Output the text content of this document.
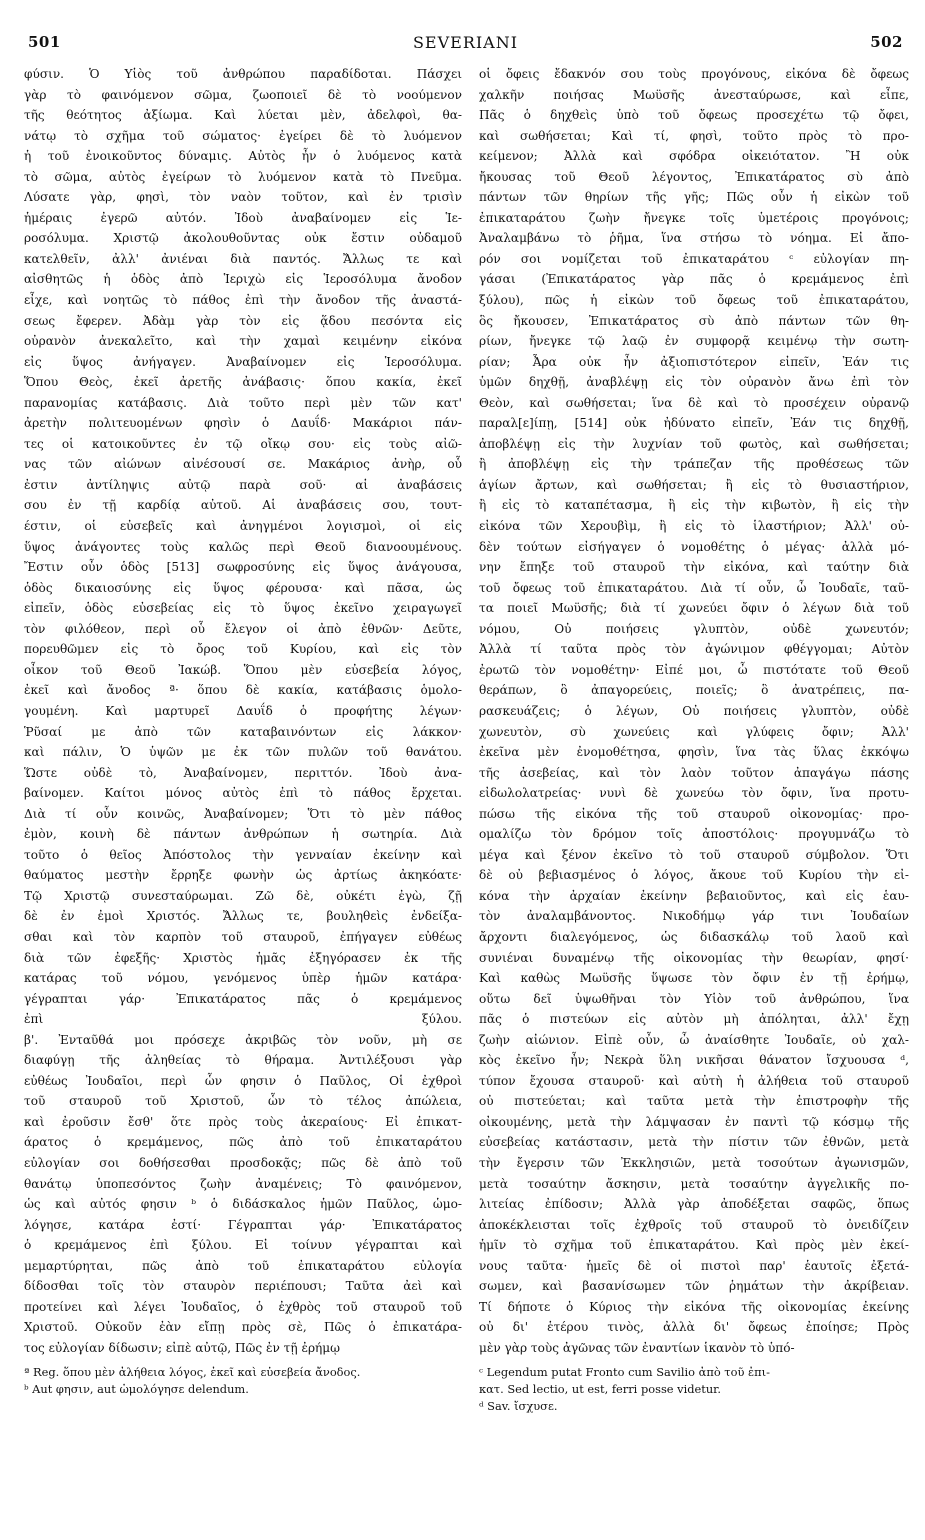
501	SEVERIANI	502

φύσιν. Ὁ Υἱὸς τοῦ ἀνθρώπου παραδίδοται. Πάσχει

γὰρ τὸ φαινόμενον σῶμα, ζωοποιεῖ δὲ τὸ νοούμενον

τῆς θεότητος ἀξίωμα. Καὶ λύεται μὲν, ἀδελφοὶ, θα-

νάτῳ τὸ σχῆμα τοῦ σώματος· ἐγείρει δὲ τὸ λυόμενον

ἡ τοῦ ἐνοικοῦντος δύναμις. Αὐτὸς ἦν ὁ λυόμενος κατὰ

τὸ σῶμα, αὐτὸς ἐγείρων τὸ λυόμενον κατὰ τὸ Πνεῦμα.

Λύσατε γὰρ, φησὶ, τὸν ναὸν τοῦτον, καὶ ἐν τρισὶν

ἡμέραις ἐγερῶ αὐτόν. Ἰδοὺ ἀναβαίνομεν εἰς Ἱε-

ροσόλυμα. Χριστῷ ἀκολουθοῦντας οὐκ ἔστιν οὐδαμοῦ

κατελθεῖν, ἀλλ' ἀνιέναι διὰ παντός. Ἄλλως τε καὶ

αἰσθητῶς ἡ ὁδὸς ἀπὸ Ἱεριχὼ εἰς Ἱεροσόλυμα ἄνοδον

εἶχε, καὶ νοητῶς τὸ πάθος ἐπὶ τὴν ἄνοδον τῆς ἀναστά-

σεως ἔφερεν. Ἀδὰμ γὰρ τὸν εἰς ᾅδου πεσόντα εἰς

οὐρανὸν ἀνεκαλεῖτο, καὶ τὴν χαμαὶ κειμένην εἰκόνα

εἰς ὕψος ἀνήγαγεν. Ἀναβαίνομεν εἰς Ἱεροσόλυμα.

Ὅπου Θεὸς, ἐκεῖ ἀρετῆς ἀνάβασις· ὅπου κακία, ἐκεῖ

παρανομίας κατάβασις. Διὰ τοῦτο περὶ μὲν τῶν κατ'

ἀρετὴν πολιτευομένων φησὶν ὁ Δαυΐδ· Μακάριοι πάν-

τες οἱ κατοικοῦντες ἐν τῷ οἴκῳ σου· εἰς τοὺς αἰῶ-

νας τῶν αἰώνων αἰνέσουσί σε. Μακάριος ἀνὴρ, οὗ

ἐστιν ἀντίληψις αὐτῷ παρὰ σοῦ· αἱ ἀναβάσεις

σου ἐν τῇ καρδίᾳ αὐτοῦ. Αἱ ἀναβάσεις σου, τουτ-

έστιν, οἱ εὐσεβεῖς καὶ ἀνηγμένοι λογισμοὶ, οἱ εἰς

ὕψος ἀνάγοντες τοὺς καλῶς περὶ Θεοῦ διανοουμένους.

Ἔστιν οὖν ὁδὸς [513] σωφροσύνης εἰς ὕψος ἀνάγουσα,

ὁδὸς δικαιοσύνης εἰς ὕψος φέρουσα· καὶ πᾶσα, ὡς

εἰπεῖν, ὁδὸς εὐσεβείας εἰς τὸ ὕψος ἐκεῖνο χειραγωγεῖ

τὸν φιλόθεον, περὶ οὗ ἔλεγον οἱ ἀπὸ ἐθνῶν· Δεῦτε,

πορευθῶμεν εἰς τὸ ὄρος τοῦ Κυρίου, καὶ εἰς τὸν

οἶκον τοῦ Θεοῦ Ἰακώβ. Ὅπου μὲν εὐσεβεία λόγος,

ἐκεῖ καὶ ἄνοδος ª· ὅπου δὲ κακία, κατάβασις ὁμολο-

γουμένη. Καὶ μαρτυρεῖ Δαυΐδ ὁ προφήτης λέγων·

Ῥῦσαί με ἀπὸ τῶν καταβαινόντων εἰς λάκκον·

καὶ πάλιν, Ὁ ὑψῶν με ἐκ τῶν πυλῶν τοῦ θανάτου.

Ὥστε οὐδὲ τὸ, Ἀναβαίνομεν, περιττόν. Ἰδοὺ ἀνα-

βαίνομεν. Καίτοι μόνος αὐτὸς ἐπὶ τὸ πάθος ἔρχεται.

Διὰ τί οὖν κοινῶς, Ἀναβαίνομεν; Ὅτι τὸ μὲν πάθος

ἐμὸν, κοινὴ δὲ πάντων ἀνθρώπων ἡ σωτηρία. Διὰ

τοῦτο ὁ θεῖος Ἀπόστολος τὴν γενναίαν ἐκείνην καὶ

θαύματος μεστὴν ἔρρηξε φωνὴν ὡς ἀρτίως ἀκηκόατε·

Τῷ Χριστῷ συνεσταύρωμαι. Ζῶ δὲ, οὐκέτι ἐγὼ, ζῇ

δὲ ἐν ἐμοὶ Χριστός. Ἄλλως τε, βουληθεὶς ἐνδείξα-

σθαι καὶ τὸν καρπὸν τοῦ σταυροῦ, ἐπήγαγεν εὐθέως

διὰ τῶν ἐφεξῆς· Χριστὸς ἡμᾶς ἐξηγόρασεν ἐκ τῆς

κατάρας τοῦ νόμου, γενόμενος ὑπὲρ ἡμῶν κατάρα·

γέγραπται γάρ· Ἐπικατάρατος πᾶς ὁ κρεμάμενος

ἐπὶ ξύλου.

β'. Ἐνταῦθά μοι πρόσεχε ἀκριβῶς τὸν νοῦν, μὴ σε

διαφύγῃ τῆς ἀληθείας τὸ θήραμα. Ἀντιλέξουσι γὰρ

εὐθέως Ἰουδαῖοι, περὶ ὧν φησιν ὁ Παῦλος, Οἱ ἐχθροὶ

τοῦ σταυροῦ τοῦ Χριστοῦ, ὧν τὸ τέλος ἀπώλεια,

καὶ ἐροῦσιν ἔσθ' ὅτε πρὸς τοὺς ἀκεραίους· Εἰ ἐπικατ-

άρατος ὁ κρεμάμενος, πῶς ἀπὸ τοῦ ἐπικαταράτου

εὐλογίαν σοι δοθήσεσθαι προσδοκᾷς; πῶς δὲ ἀπὸ τοῦ

θανάτῳ ὑποπεσόντος ζωὴν ἀναμένεις; Τὸ φαινόμενον,

ὡς καὶ αὐτός φησιν ᵇ ὁ διδάσκαλος ἡμῶν Παῦλος, ὡμο-

λόγησε, κατάρα ἐστί· Γέγραπται γάρ· Ἐπικατάρατος

ὁ κρεμάμενος ἐπὶ ξύλου. Εἰ τοίνυν γέγραπται καὶ

μεμαρτύρηται, πῶς ἀπὸ τοῦ ἐπικαταράτου εὐλογία

δίδοσθαι τοῖς τὸν σταυρὸν περιέπουσι; Ταῦτα ἀεὶ καὶ

προτείνει καὶ λέγει Ἰουδαῖος, ὁ ἐχθρὸς τοῦ σταυροῦ τοῦ

Χριστοῦ. Οὐκοῦν ἐὰν εἴπῃ πρὸς σὲ, Πῶς ὁ ἐπικατάρα-

τος εὐλογίαν δίδωσιν; εἰπὲ αὐτῷ, Πῶς ἐν τῇ ἐρήμῳ

ª Reg. ὅπου μὲν ἀλήθεια λόγος, ἐκεῖ καὶ εὐσεβεία ἄνοδος.

ᵇ Aut φησιν, aut ὡμολόγησε delendum.

οἱ ὄφεις ἔδακνόν σου τοὺς προγόνους, εἰκόνα δὲ ὄφεως

χαλκῆν ποιήσας Μωϋσῆς ἀνεσταύρωσε, καὶ εἶπε,

Πᾶς ὁ δηχθεὶς ὑπὸ τοῦ ὄφεως προσεχέτω τῷ ὄφει,

καὶ σωθήσεται; Καὶ τί, φησὶ, τοῦτο πρὸς τὸ προ-

κείμενον; Ἀλλὰ καὶ σφόδρα οἰκειότατον. Ἢ οὐκ

ἤκουσας τοῦ Θεοῦ λέγοντος, Ἐπικατάρατος σὺ ἀπὸ

πάντων τῶν θηρίων τῆς γῆς; Πῶς οὖν ἡ εἰκὼν τοῦ

ἐπικαταράτου ζωὴν ἤνεγκε τοῖς ὑμετέροις προγόνοις;

Ἀναλαμβάνω τὸ ῥῆμα, ἵνα στήσω τὸ νόημα. Εἰ ἄπο-

ρόν σοι νομίζεται τοῦ ἐπικαταράτου ᶜ εὐλογίαν πη-

γάσαι (Ἐπικατάρατος γὰρ πᾶς ὁ κρεμάμενος ἐπὶ

ξύλου), πῶς ἡ εἰκὼν τοῦ ὄφεως τοῦ ἐπικαταράτου,

ὃς ἤκουσεν, Ἐπικατάρατος σὺ ἀπὸ πάντων τῶν θη-

ρίων, ἤνεγκε τῷ λαῷ ἐν συμφορᾷ κειμένῳ τὴν σωτη-

ρίαν; Ἆρα οὐκ ἦν ἀξιοπιστότερον εἰπεῖν, Ἐάν τις

ὑμῶν δηχθῇ, ἀναβλέψῃ εἰς τὸν οὐρανὸν ἄνω ἐπὶ τὸν

Θεὸν, καὶ σωθήσεται; ἵνα δὲ καὶ τὸ προσέχειν οὐρανῷ

παραλ[ε]ίπῃ, [514] οὐκ ἠδύνατο εἰπεῖν, Ἐάν τις δηχθῇ,

ἀποβλέψῃ εἰς τὴν λυχνίαν τοῦ φωτὸς, καὶ σωθήσεται;

ἢ ἀποβλέψῃ εἰς τὴν τράπεζαν τῆς προθέσεως τῶν

ἁγίων ἄρτων, καὶ σωθήσεται; ἢ εἰς τὸ θυσιαστήριον,

ἢ εἰς τὸ καταπέτασμα, ἢ εἰς τὴν κιβωτὸν, ἢ εἰς τὴν

εἰκόνα τῶν Χερουβὶμ, ἢ εἰς τὸ ἱλαστήριον; Ἀλλ' οὐ-

δὲν τούτων εἰσήγαγεν ὁ νομοθέτης ὁ μέγας· ἀλλὰ μό-

νην ἔπηξε τοῦ σταυροῦ τὴν εἰκόνα, καὶ ταύτην διὰ

τοῦ ὄφεως τοῦ ἐπικαταράτου. Διὰ τί οὖν, ὦ Ἰουδαῖε, ταῦ-

τα ποιεῖ Μωϋσῆς; διὰ τί χωνεύει ὄφιν ὁ λέγων διὰ τοῦ

νόμου, Οὐ ποιήσεις γλυπτὸν, οὐδὲ χωνευτόν;

Ἀλλὰ τί ταῦτα πρὸς τὸν ἀγώνιμον φθέγγομαι; Αὐτὸν

ἐρωτῶ τὸν νομοθέτην· Εἰπέ μοι, ὦ πιστότατε τοῦ Θεοῦ

θεράπων, ὃ ἀπαγορεύεις, ποιεῖς; ὃ ἀνατρέπεις, πα-

ρασκευάζεις; ὁ λέγων, Οὐ ποιήσεις γλυπτὸν, οὐδὲ

χωνευτὸν, σὺ χωνεύεις καὶ γλύφεις ὄφιν; Ἀλλ'

ἐκεῖνα μὲν ἐνομοθέτησα, φησὶν, ἵνα τὰς ὕλας ἐκκόψω

τῆς ἀσεβείας, καὶ τὸν λαὸν τοῦτον ἀπαγάγω πάσης

εἰδωλολατρείας· νυνὶ δὲ χωνεύω τὸν ὄφιν, ἵνα προτυ-

πώσω τῆς εἰκόνα τῆς τοῦ σταυροῦ οἰκονομίας· προ-

ομαλίζω τὸν δρόμον τοῖς ἀποστόλοις· προγυμνάζω τὸ

μέγα καὶ ξένον ἐκεῖνο τὸ τοῦ σταυροῦ σύμβολον. Ὅτι

δὲ οὐ βεβιασμένος ὁ λόγος, ἄκουε τοῦ Κυρίου τὴν εἰ-

κόνα τὴν ἀρχαίαν ἐκείνην βεβαιοῦντος, καὶ εἰς ἑαυ-

τὸν ἀναλαμβάνοντος. Νικοδήμῳ γάρ τινι Ἰουδαίων

ἄρχοντι διαλεγόμενος, ὡς διδασκάλῳ τοῦ λαοῦ καὶ

συνιέναι δυναμένῳ τῆς οἰκονομίας τὴν θεωρίαν, φησί·

Καὶ καθὼς Μωϋσῆς ὕψωσε τὸν ὄφιν ἐν τῇ ἐρήμῳ,

οὕτω δεῖ ὑψωθῆναι τὸν Υἱὸν τοῦ ἀνθρώπου, ἵνα

πᾶς ὁ πιστεύων εἰς αὐτὸν μὴ ἀπόληται, ἀλλ' ἔχῃ

ζωὴν αἰώνιον. Εἰπὲ οὖν, ὦ ἀναίσθητε Ἰουδαῖε, οὐ χαλ-

κὸς ἐκεῖνο ἦν; Νεκρὰ ὕλη νικῆσαι θάνατον ἴσχυουσα ᵈ,

τύπον ἔχουσα σταυροῦ· καὶ αὐτὴ ἡ ἀλήθεια τοῦ σταυροῦ

οὐ πιστεύεται; καὶ ταῦτα μετὰ τὴν ἐπιστροφὴν τῆς

οἰκουμένης, μετὰ τὴν λάμψασαν ἐν παντὶ τῷ κόσμῳ τῆς

εὐσεβείας κατάστασιν, μετὰ τὴν πίστιν τῶν ἐθνῶν, μετὰ

τὴν ἔγερσιν τῶν Ἐκκλησιῶν, μετὰ τοσούτων ἀγωνισμῶν,

μετὰ τοσαύτην ἄσκησιν, μετὰ τοσαύτην ἀγγελικῆς πο-

λιτείας ἐπίδοσιν; Ἀλλὰ γὰρ ἀποδέξεται σαφῶς, ὅπως

ἀποκέκλεισται τοῖς ἐχθροῖς τοῦ σταυροῦ τὸ ὀνειδίζειν

ἡμῖν τὸ σχῆμα τοῦ ἐπικαταράτου. Καὶ πρὸς μὲν ἐκεί-

νους ταῦτα· ἡμεῖς δὲ οἱ πιστοὶ παρ' ἑαυτοῖς ἐξετά-

σωμεν, καὶ βασανίσωμεν τῶν ῥημάτων τὴν ἀκρίβειαν.

Τί δήποτε ὁ Κύριος τὴν εἰκόνα τῆς οἰκονομίας ἐκείνης

οὐ δι' ἑτέρου τινὸς, ἀλλὰ δι' ὄφεως ἐποίησε; Πρὸς

μὲν γὰρ τοὺς ἀγῶνας τῶν ἐναντίων ἱκανὸν τὸ ὑπό-

ᶜ Legendum putat Fronto cum Savilio ἀπὸ τοῦ ἐπι-

κατ. Sed lectio, ut est, ferri posse videtur.

ᵈ Sav. ἴσχυσε.
